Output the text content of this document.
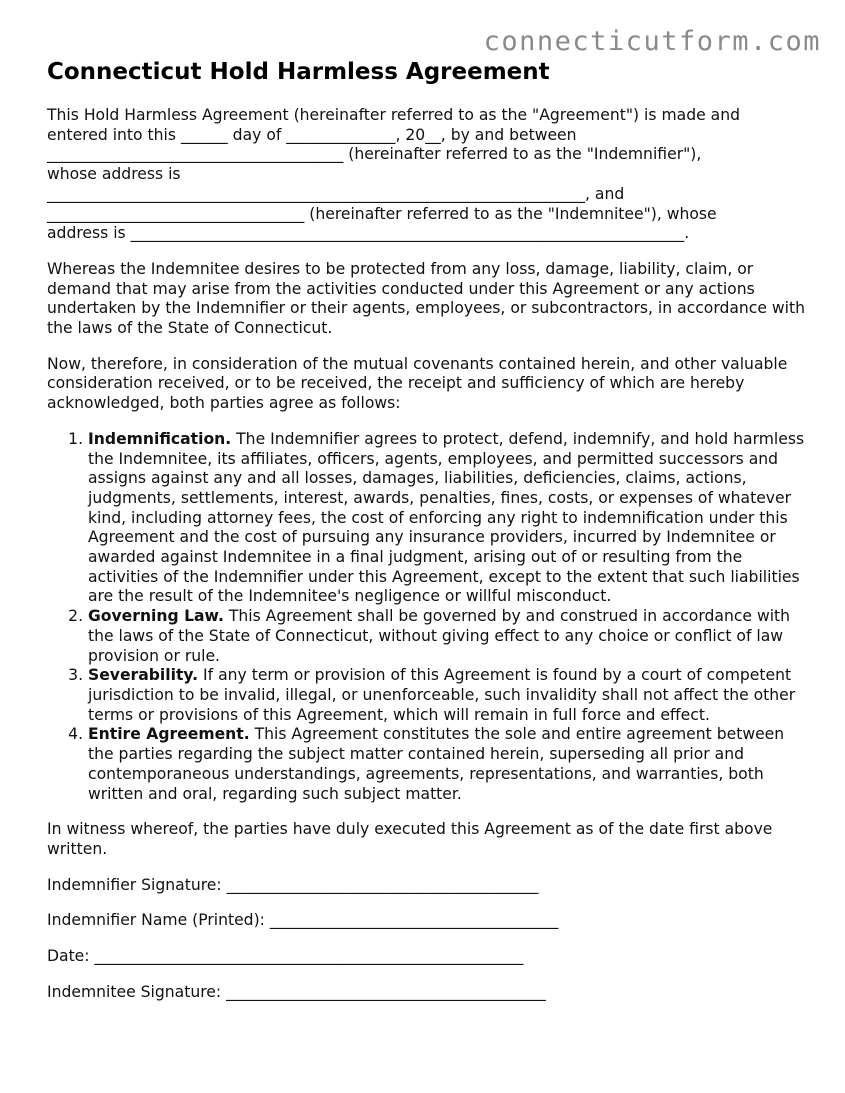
connecticutform.com
Connecticut Hold Harmless Agreement

This Hold Harmless Agreement (hereinafter referred to as the "Agreement") is made and
entered into this ______ day of ______________, 20__, by and between
______________________________________ (hereinafter referred to as the "Indemnifier"),
whose address is
_____________________________________________________________________, and
_________________________________ (hereinafter referred to as the "Indemnitee"), whose
address is _______________________________________________________________________.

Whereas the Indemnitee desires to be protected from any loss, damage, liability, claim, or demand that may arise from the activities conducted under this Agreement or any actions undertaken by the Indemnifier or their agents, employees, or subcontractors, in accordance with the laws of the State of Connecticut.

Now, therefore, in consideration of the mutual covenants contained herein, and other valuable consideration received, or to be received, the receipt and sufficiency of which are hereby acknowledged, both parties agree as follows:

1. Indemnification. The Indemnifier agrees to protect, defend, indemnify, and hold harmless the Indemnitee, its affiliates, officers, agents, employees, and permitted successors and assigns against any and all losses, damages, liabilities, deficiencies, claims, actions, judgments, settlements, interest, awards, penalties, fines, costs, or expenses of whatever kind, including attorney fees, the cost of enforcing any right to indemnification under this Agreement and the cost of pursuing any insurance providers, incurred by Indemnitee or awarded against Indemnitee in a final judgment, arising out of or resulting from the activities of the Indemnifier under this Agreement, except to the extent that such liabilities are the result of the Indemnitee's negligence or willful misconduct.
2. Governing Law. This Agreement shall be governed by and construed in accordance with the laws of the State of Connecticut, without giving effect to any choice or conflict of law provision or rule.
3. Severability. If any term or provision of this Agreement is found by a court of competent jurisdiction to be invalid, illegal, or unenforceable, such invalidity shall not affect the other terms or provisions of this Agreement, which will remain in full force and effect.
4. Entire Agreement. This Agreement constitutes the sole and entire agreement between the parties regarding the subject matter contained herein, superseding all prior and contemporaneous understandings, agreements, representations, and warranties, both written and oral, regarding such subject matter.

In witness whereof, the parties have duly executed this Agreement as of the date first above written.

Indemnifier Signature: ________________________________________
Indemnifier Name (Printed): _____________________________________
Date: _______________________________________________________
Indemnitee Signature: _________________________________________
